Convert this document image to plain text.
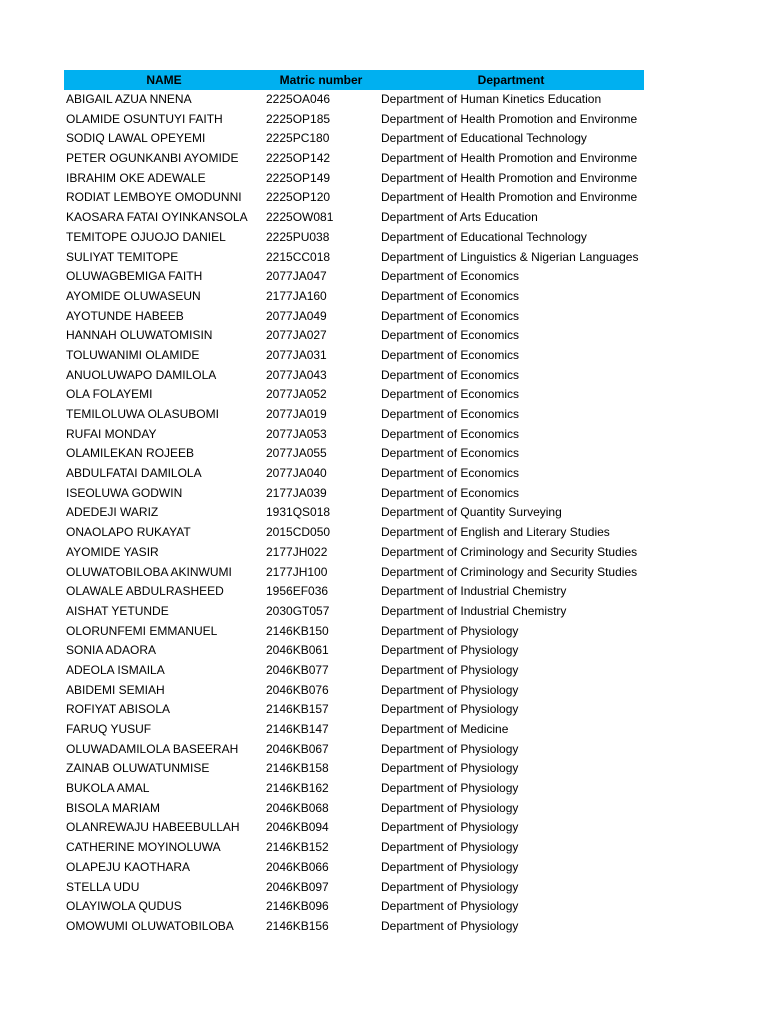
NAME	Matric number	Department
ABIGAIL AZUA NNENA	2225OA046	Department of Human Kinetics Education
OLAMIDE OSUNTUYI FAITH	2225OP185	Department of Health Promotion and Environme
SODIQ LAWAL OPEYEMI	2225PC180	Department of Educational Technology
PETER OGUNKANBI AYOMIDE	2225OP142	Department of Health Promotion and Environme
IBRAHIM OKE ADEWALE	2225OP149	Department of Health Promotion and Environme
RODIAT LEMBOYE OMODUNNI	2225OP120	Department of Health Promotion and Environme
KAOSARA FATAI OYINKANSOLA	2225OW081	Department of Arts Education
TEMITOPE OJUOJO DANIEL	2225PU038	Department of Educational Technology
SULIYAT TEMITOPE	2215CC018	Department of Linguistics & Nigerian Languages
OLUWAGBEMIGA FAITH	2077JA047	Department of Economics
AYOMIDE OLUWASEUN	2177JA160	Department of Economics
AYOTUNDE HABEEB	2077JA049	Department of Economics
HANNAH OLUWATOMISIN	2077JA027	Department of Economics
TOLUWANIMI OLAMIDE	2077JA031	Department of Economics
ANUOLUWAPO DAMILOLA	2077JA043	Department of Economics
OLA FOLAYEMI	2077JA052	Department of Economics
TEMILOLUWA OLASUBOMI	2077JA019	Department of Economics
RUFAI MONDAY	2077JA053	Department of Economics
OLAMILEKAN ROJEEB	2077JA055	Department of Economics
ABDULFATAI DAMILOLA	2077JA040	Department of Economics
ISEOLUWA GODWIN	2177JA039	Department of Economics
ADEDEJI WARIZ	1931QS018	Department of Quantity Surveying
ONAOLAPO RUKAYAT	2015CD050	Department of English and Literary Studies
AYOMIDE YASIR	2177JH022	Department of Criminology and Security Studies
OLUWATOBILOBA AKINWUMI	2177JH100	Department of Criminology and Security Studies
OLAWALE ABDULRASHEED	1956EF036	Department of Industrial Chemistry
AISHAT YETUNDE	2030GT057	Department of Industrial Chemistry
OLORUNFEMI EMMANUEL	2146KB150	Department of Physiology
SONIA ADAORA	2046KB061	Department of Physiology
ADEOLA ISMAILA	2046KB077	Department of Physiology
ABIDEMI SEMIAH	2046KB076	Department of Physiology
ROFIYAT ABISOLA	2146KB157	Department of Physiology
FARUQ YUSUF	2146KB147	Department of Medicine
OLUWADAMILOLA BASEERAH	2046KB067	Department of Physiology
ZAINAB OLUWATUNMISE	2146KB158	Department of Physiology
BUKOLA AMAL	2146KB162	Department of Physiology
BISOLA MARIAM	2046KB068	Department of Physiology
OLANREWAJU HABEEBULLAH	2046KB094	Department of Physiology
CATHERINE MOYINOLUWA	2146KB152	Department of Physiology
OLAPEJU KAOTHARA	2046KB066	Department of Physiology
STELLA UDU	2046KB097	Department of Physiology
OLAYIWOLA QUDUS	2146KB096	Department of Physiology
OMOWUMI OLUWATOBILOBA	2146KB156	Department of Physiology
